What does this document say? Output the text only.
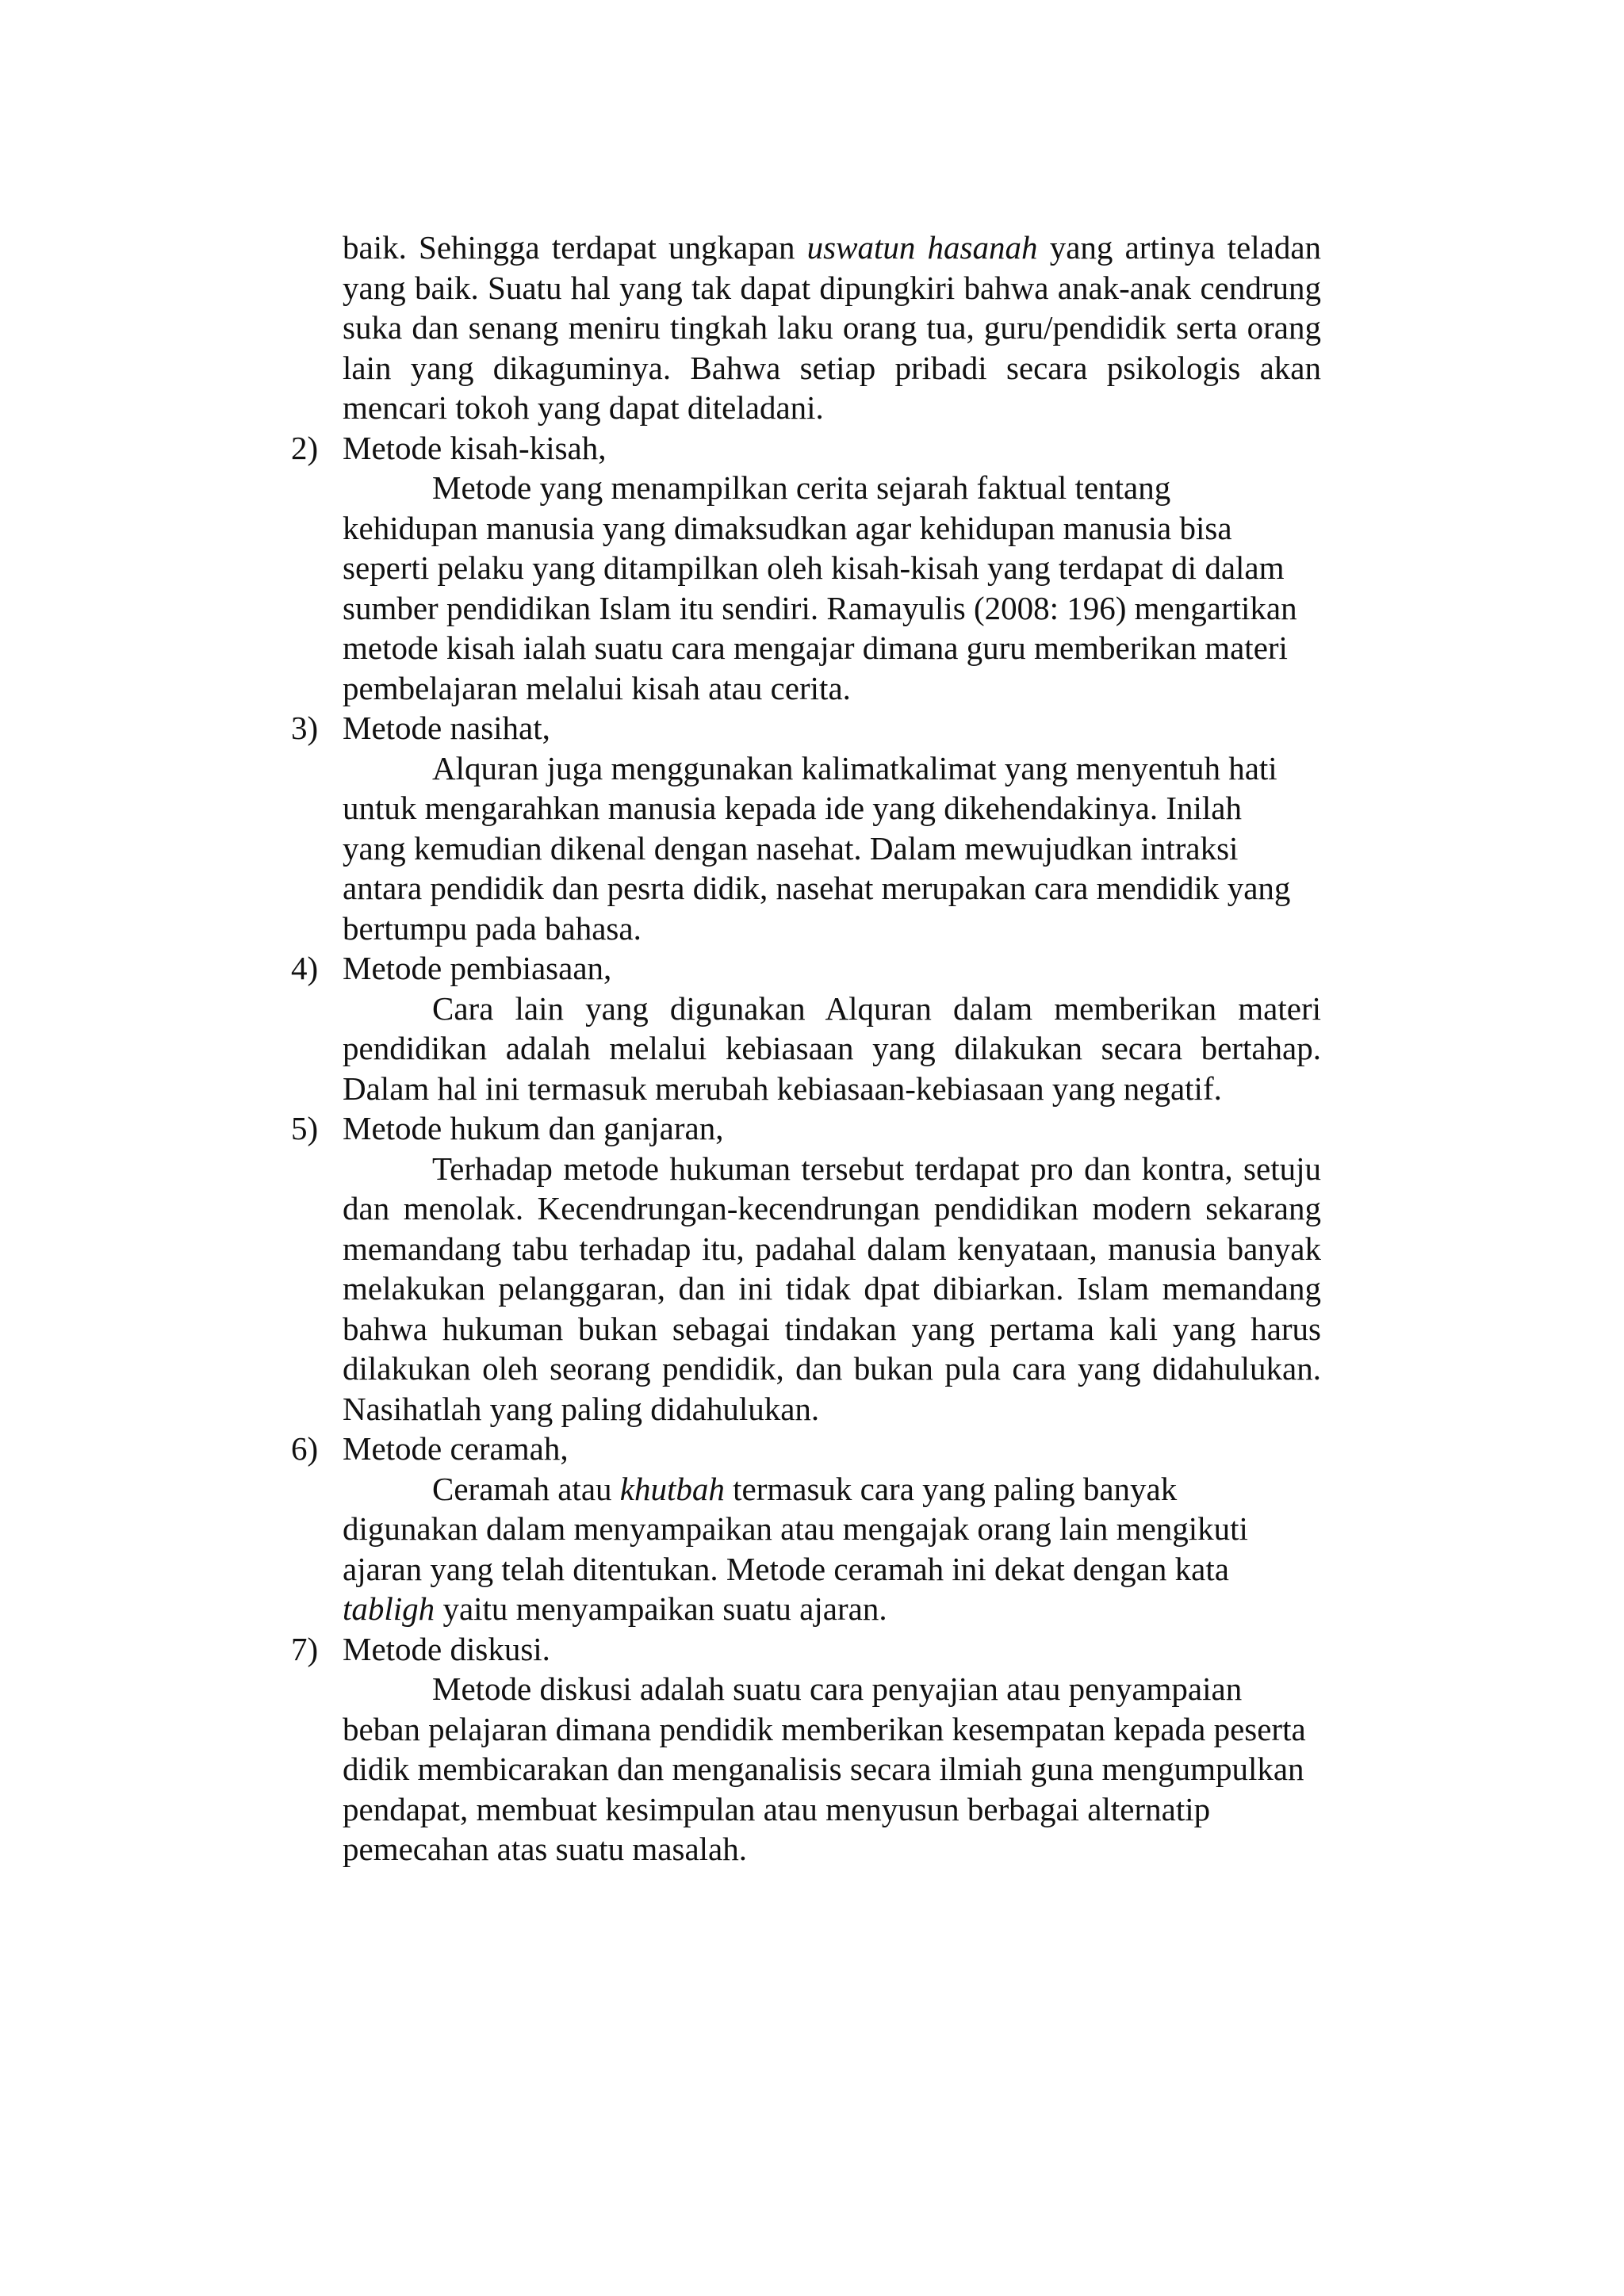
baik. Sehingga terdapat ungkapan uswatun hasanah yang artinya teladan
yang baik. Suatu hal yang tak dapat dipungkiri bahwa anak-anak cendrung
suka dan senang meniru tingkah laku orang tua, guru/pendidik serta orang
lain yang dikaguminya. Bahwa setiap pribadi secara psikologis akan
mencari tokoh yang dapat diteladani.
2) Metode kisah-kisah,
Metode yang menampilkan cerita sejarah faktual tentang
kehidupan manusia yang dimaksudkan agar kehidupan manusia bisa
seperti pelaku yang ditampilkan oleh kisah-kisah yang terdapat di dalam
sumber pendidikan Islam itu sendiri. Ramayulis (2008: 196) mengartikan
metode kisah ialah suatu cara mengajar dimana guru memberikan materi
pembelajaran melalui kisah atau cerita.
3) Metode nasihat,
Alquran juga menggunakan kalimatkalimat yang menyentuh hati
untuk mengarahkan manusia kepada ide yang dikehendakinya. Inilah
yang kemudian dikenal dengan nasehat. Dalam mewujudkan intraksi
antara pendidik dan pesrta didik, nasehat merupakan cara mendidik yang
bertumpu pada bahasa.
4) Metode pembiasaan,
Cara lain yang digunakan Alquran dalam memberikan materi
pendidikan adalah melalui kebiasaan yang dilakukan secara bertahap.
Dalam hal ini termasuk merubah kebiasaan-kebiasaan yang negatif.
5) Metode hukum dan ganjaran,
Terhadap metode hukuman tersebut terdapat pro dan kontra, setuju
dan menolak. Kecendrungan-kecendrungan pendidikan modern sekarang
memandang tabu terhadap itu, padahal dalam kenyataan, manusia banyak
melakukan pelanggaran, dan ini tidak dpat dibiarkan. Islam memandang
bahwa hukuman bukan sebagai tindakan yang pertama kali yang harus
dilakukan oleh seorang pendidik, dan bukan pula cara yang didahulukan.
Nasihatlah yang paling didahulukan.
6) Metode ceramah,
Ceramah atau khutbah termasuk cara yang paling banyak
digunakan dalam menyampaikan atau mengajak orang lain mengikuti
ajaran yang telah ditentukan. Metode ceramah ini dekat dengan kata
tabligh yaitu menyampaikan suatu ajaran.
7) Metode diskusi.
Metode diskusi adalah suatu cara penyajian atau penyampaian
beban pelajaran dimana pendidik memberikan kesempatan kepada peserta
didik membicarakan dan menganalisis secara ilmiah guna mengumpulkan
pendapat, membuat kesimpulan atau menyusun berbagai alternatip
pemecahan atas suatu masalah.
